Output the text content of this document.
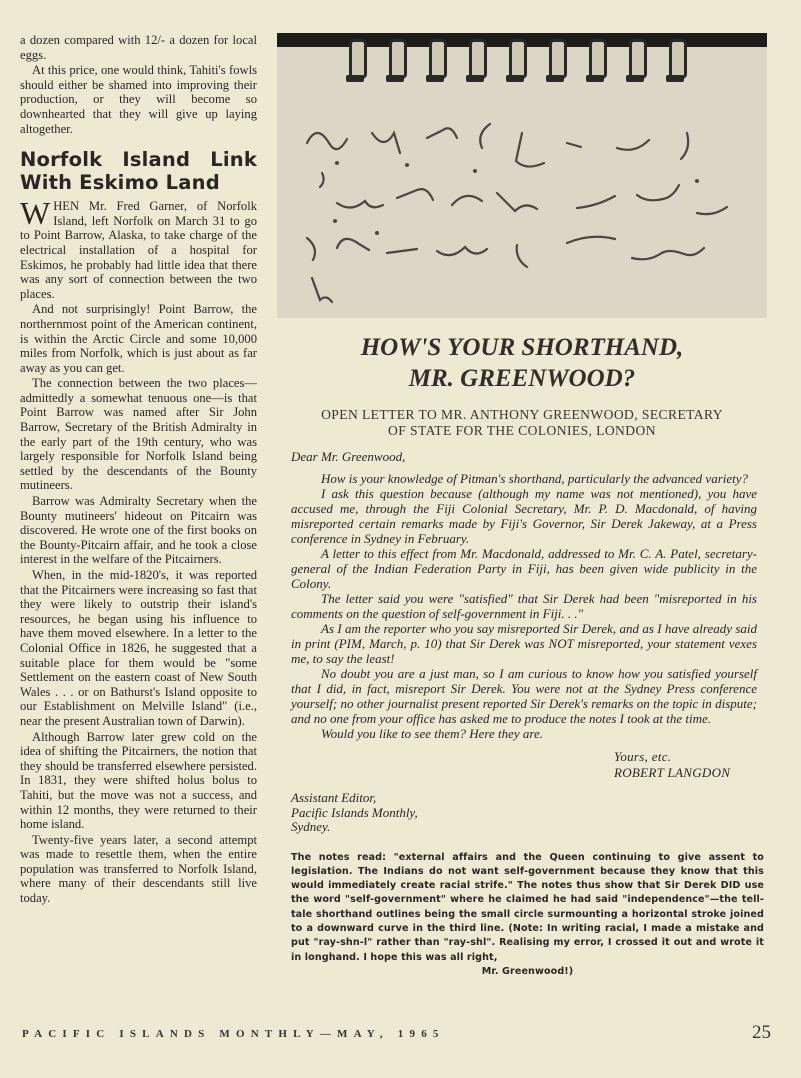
a dozen compared with 12/- a dozen for local eggs.

At this price, one would think, Tahiti's fowls should either be shamed into improving their production, or they will become so downhearted that they will give up laying altogether.

Norfolk Island Link With Eskimo Land

WHEN Mr. Fred Garner, of Norfolk Island, left Norfolk on March 31 to go to Point Barrow, Alaska, to take charge of the electrical installation of a hospital for Eskimos, he probably had little idea that there was any sort of connection between the two places.

And not surprisingly! Point Barrow, the northernmost point of the American continent, is within the Arctic Circle and some 10,000 miles from Norfolk, which is just about as far away as you can get.

The connection between the two places—admittedly a somewhat tenuous one—is that Point Barrow was named after Sir John Barrow, Secretary of the British Admiralty in the early part of the 19th century, who was largely responsible for Norfolk Island being settled by the descendants of the Bounty mutineers.

Barrow was Admiralty Secretary when the Bounty mutineers' hideout on Pitcairn was discovered. He wrote one of the first books on the Bounty-Pitcairn affair, and he took a close interest in the welfare of the Pitcairners.

When, in the mid-1820's, it was reported that the Pitcairners were increasing so fast that they were likely to outstrip their island's resources, he began using his influence to have them moved elsewhere. In a letter to the Colonial Office in 1826, he suggested that a suitable place for them would be "some Settlement on the eastern coast of New South Wales . . . or on Bathurst's Island opposite to our Establishment on Melville Island" (i.e., near the present Australian town of Darwin).

Although Barrow later grew cold on the idea of shifting the Pitcairners, the notion that they should be transferred elsewhere persisted. In 1831, they were shifted holus bolus to Tahiti, but the move was not a success, and within 12 months, they were returned to their home island.

Twenty-five years later, a second attempt was made to resettle them, when the entire population was transferred to Norfolk Island, where many of their descendants still live today.

HOW'S YOUR SHORTHAND,
MR. GREENWOOD?
OPEN LETTER TO MR. ANTHONY GREENWOOD, SECRETARY
OF STATE FOR THE COLONIES, LONDON

Dear Mr. Greenwood,

How is your knowledge of Pitman's shorthand, particularly the advanced variety?

I ask this question because (although my name was not mentioned), you have accused me, through the Fiji Colonial Secretary, Mr. P. D. Macdonald, of having misreported certain remarks made by Fiji's Governor, Sir Derek Jakeway, at a Press conference in Sydney in February.

A letter to this effect from Mr. Macdonald, addressed to Mr. C. A. Patel, secretary-general of the Indian Federation Party in Fiji, has been given wide publicity in the Colony.

The letter said you were "satisfied" that Sir Derek had been "misreported in his comments on the question of self-government in Fiji. . ."

As I am the reporter who you say misreported Sir Derek, and as I have already said in print (PIM, March, p. 10) that Sir Derek was NOT misreported, your statement vexes me, to say the least!

No doubt you are a just man, so I am curious to know how you satisfied yourself that I did, in fact, misreport Sir Derek. You were not at the Sydney Press conference yourself; no other journalist present reported Sir Derek's remarks on the topic in dispute; and no one from your office has asked me to produce the notes I took at the time.

Would you like to see them? Here they are.

Yours, etc.
ROBERT LANGDON
Assistant Editor,
Pacific Islands Monthly,
Sydney.
The notes read: "external affairs and the Queen continuing to give assent to legislation. The Indians do not want self-government because they know that this would immediately create racial strife." The notes thus show that Sir Derek DID use the word "self-government" where he claimed he had said "independence"—the tell-tale shorthand outlines being the small circle surmounting a horizontal stroke joined to a downward curve in the third line. (Note: In writing racial, I made a mistake and put "ray-shn-l" rather than "ray-shl". Realising my error, I crossed it out and wrote it in longhand. I hope this was all right,
Mr. Greenwood!)
PACIFIC ISLANDS MONTHLY—MAY, 1965	25
